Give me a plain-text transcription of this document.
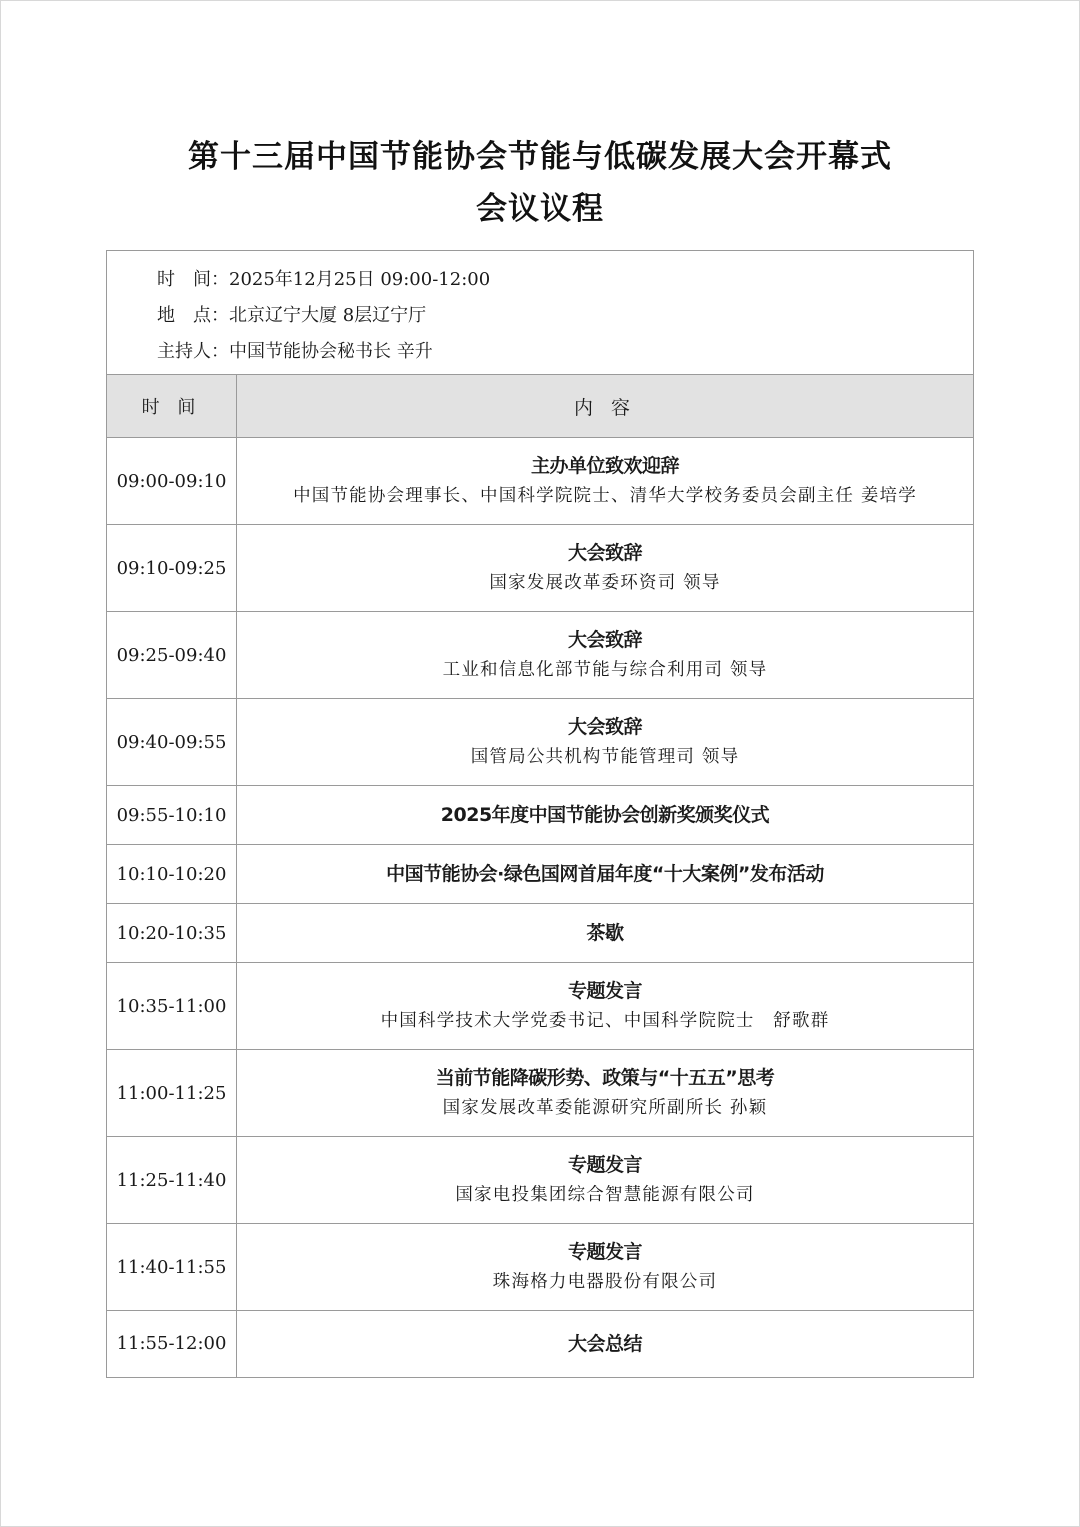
第十三届中国节能协会节能与低碳发展大会开幕式
会议议程
时　间：2025年12月25日 09:00-12:00
地　点：北京辽宁大厦 8层辽宁厅
主持人：中国节能协会秘书长 辛升
时 间	内 容
09:00-09:10	主办单位致欢迎辞
中国节能协会理事长、中国科学院院士、清华大学校务委员会副主任 姜培学

09:10-09:25	大会致辞
国家发展改革委环资司 领导

09:25-09:40	大会致辞
工业和信息化部节能与综合利用司 领导

09:40-09:55	大会致辞
国管局公共机构节能管理司 领导

09:55-10:10	2025年度中国节能协会创新奖颁奖仪式

10:10-10:20	中国节能协会·绿色国网首届年度“十大案例”发布活动

10:20-10:35	茶歇

10:35-11:00	专题发言
中国科学技术大学党委书记、中国科学院院士　舒歌群

11:00-11:25	当前节能降碳形势、政策与“十五五”思考
国家发展改革委能源研究所副所长 孙颖

11:25-11:40	专题发言
国家电投集团综合智慧能源有限公司

11:40-11:55	专题发言
珠海格力电器股份有限公司

11:55-12:00	大会总结
